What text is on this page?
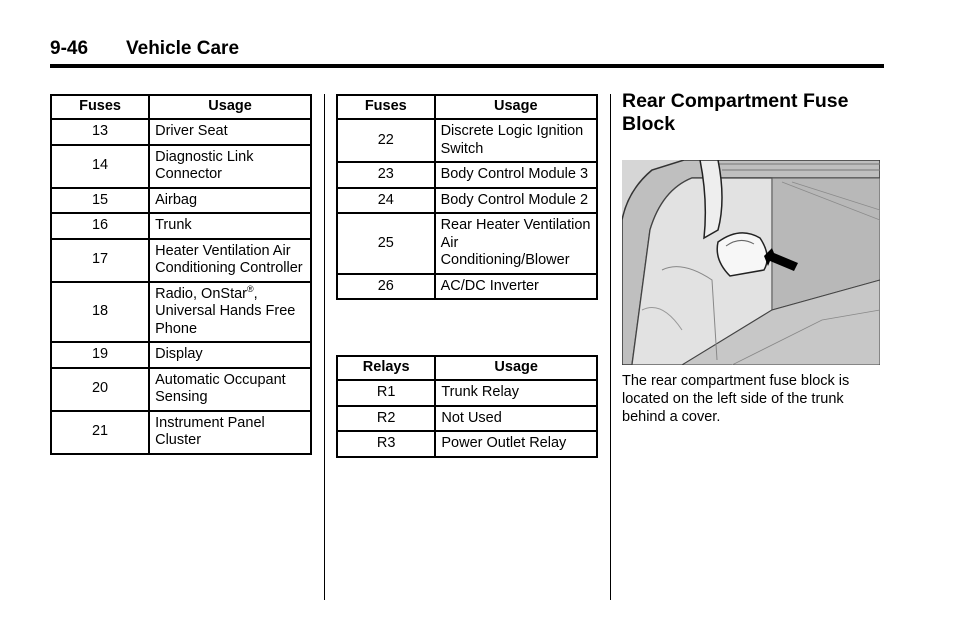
9-46 Vehicle Care
Fuses	Usage
13	Driver Seat
14	Diagnostic Link Connector
15	Airbag
16	Trunk
17	Heater Ventilation Air Conditioning Controller
18	Radio, OnStar®, Universal Hands Free Phone
19	Display
20	Automatic Occupant Sensing
21	Instrument Panel Cluster
Fuses	Usage
22	Discrete Logic Ignition Switch
23	Body Control Module 3
24	Body Control Module 2
25	Rear Heater Ventilation Air Conditioning/Blower
26	AC/DC Inverter
Relays	Usage
R1	Trunk Relay
R2	Not Used
R3	Power Outlet Relay
Rear Compartment Fuse Block

The rear compartment fuse block is located on the left side of the trunk behind a cover.
